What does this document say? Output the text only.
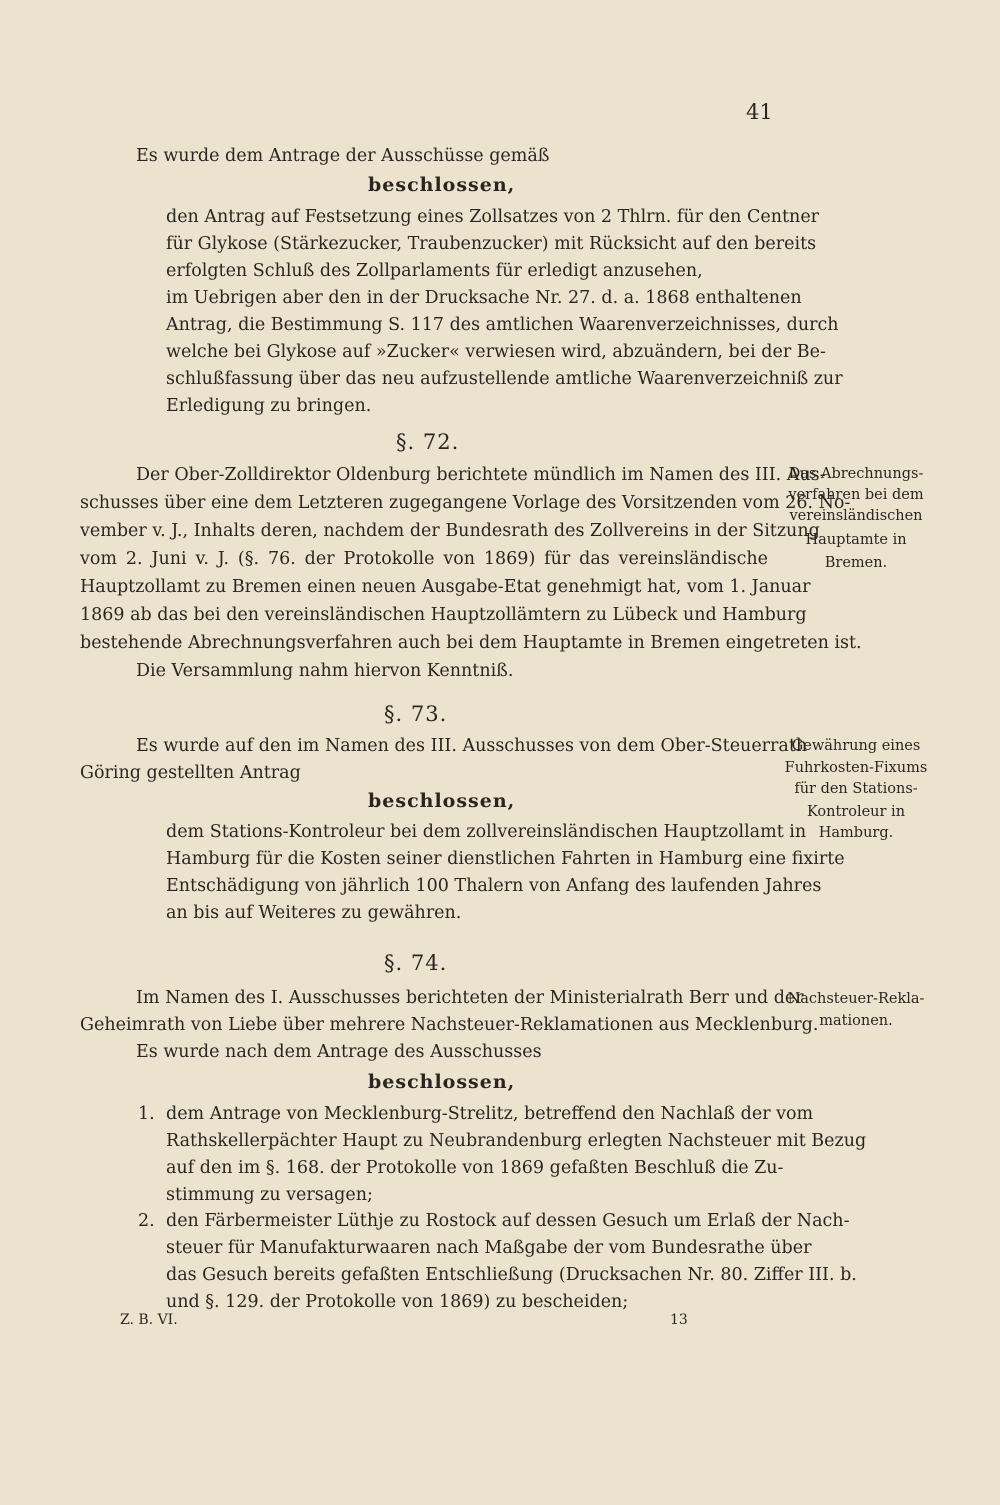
41
Es wurde dem Antrage der Ausschüsse gemäß
beschlossen,
den Antrag auf Festsetzung eines Zollsatzes von 2 Thlrn. für den Centner
für Glykose (Stärkezucker, Traubenzucker) mit Rücksicht auf den bereits
erfolgten Schluß des Zollparlaments für erledigt anzusehen,
im Uebrigen aber den in der Drucksache Nr. 27. d. a. 1868 enthaltenen
Antrag, die Bestimmung S. 117 des amtlichen Waarenverzeichnisses, durch
welche bei Glykose auf »Zucker« verwiesen wird, abzuändern, bei der Be-
schlußfassung über das neu aufzustellende amtliche Waarenverzeichniß zur
Erledigung zu bringen.
§. 72.
Der Ober-Zolldirektor Oldenburg berichtete mündlich im Namen des III. Aus-
schusses über eine dem Letzteren zugegangene Vorlage des Vorsitzenden vom 26. No-
vember v. J., Inhalts deren, nachdem der Bundesrath des Zollvereins in der Sitzung
vom 2. Juni v. J. (§. 76. der Protokolle von 1869) für das vereinsländische
Hauptzollamt zu Bremen einen neuen Ausgabe-Etat genehmigt hat, vom 1. Januar
1869 ab das bei den vereinsländischen Hauptzollämtern zu Lübeck und Hamburg
bestehende Abrechnungsverfahren auch bei dem Hauptamte in Bremen eingetreten ist.
Die Versammlung nahm hiervon Kenntniß.
Das Abrechnungs-
verfahren bei dem
vereinsländischen
Hauptamte in
Bremen.
§. 73.
Es wurde auf den im Namen des III. Ausschusses von dem Ober-Steuerrath
Göring gestellten Antrag
beschlossen,
dem Stations-Kontroleur bei dem zollvereinsländischen Hauptzollamt in
Hamburg für die Kosten seiner dienstlichen Fahrten in Hamburg eine fixirte
Entschädigung von jährlich 100 Thalern von Anfang des laufenden Jahres
an bis auf Weiteres zu gewähren.
Gewährung eines
Fuhrkosten-Fixums
für den Stations-
Kontroleur in
Hamburg.
§. 74.
Im Namen des I. Ausschusses berichteten der Ministerialrath Berr und der
Geheimrath von Liebe über mehrere Nachsteuer-Reklamationen aus Mecklenburg.
Es wurde nach dem Antrage des Ausschusses
beschlossen,
1. dem Antrage von Mecklenburg-Strelitz, betreffend den Nachlaß der vom
Rathskellerpächter Haupt zu Neubrandenburg erlegten Nachsteuer mit Bezug
auf den im §. 168. der Protokolle von 1869 gefaßten Beschluß die Zu-
stimmung zu versagen;
2. den Färbermeister Lüthje zu Rostock auf dessen Gesuch um Erlaß der Nach-
steuer für Manufakturwaaren nach Maßgabe der vom Bundesrathe über
das Gesuch bereits gefaßten Entschließung (Drucksachen Nr. 80. Ziffer III. b.
und §. 129. der Protokolle von 1869) zu bescheiden;
Nachsteuer-Rekla-
mationen.
Z. B. VI.	13
